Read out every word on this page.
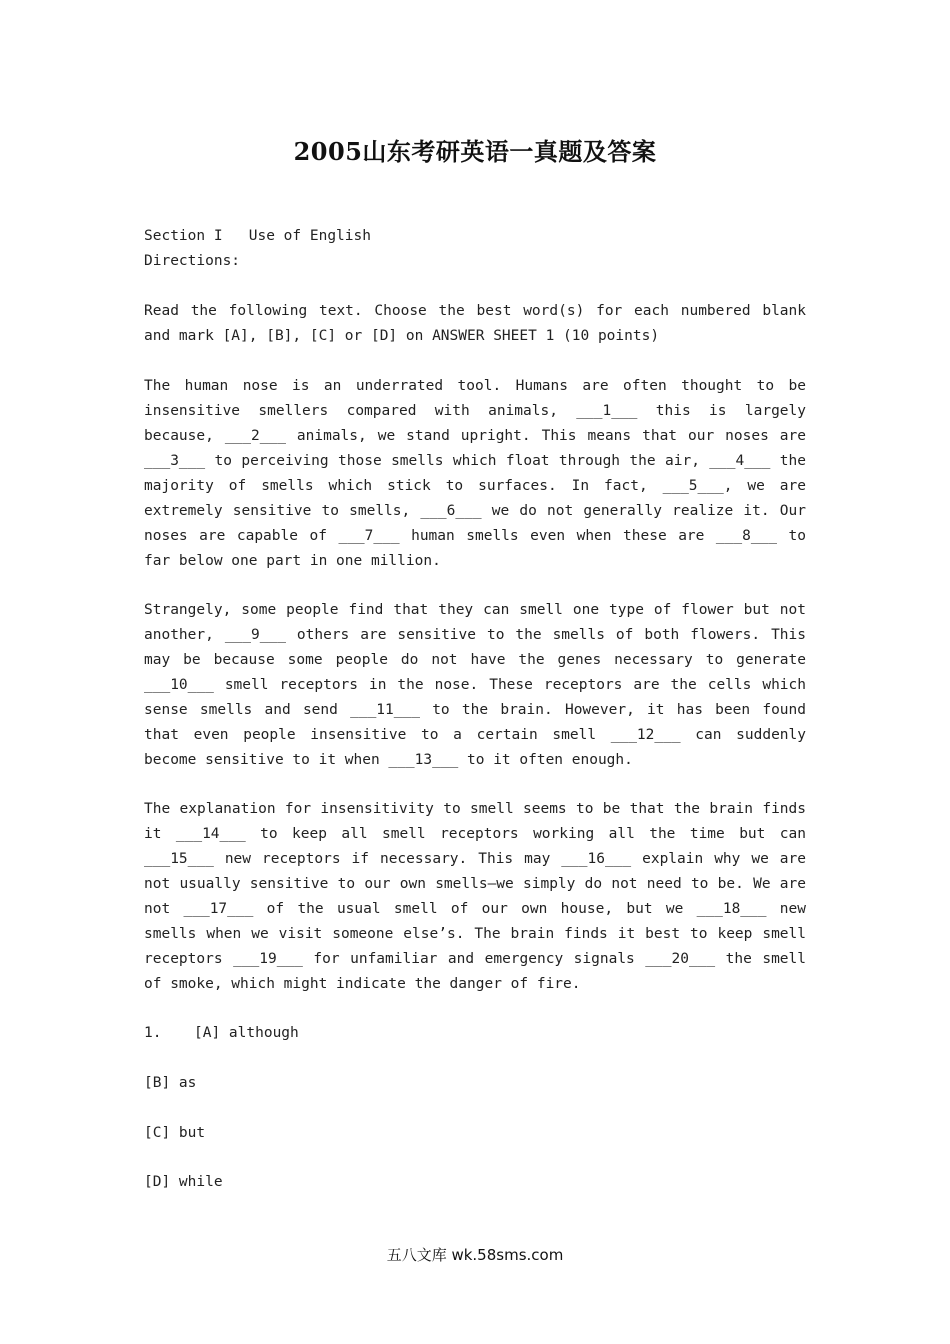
2005山东考研英语一真题及答案
Section I   Use of English
Directions:
Read the following text. Choose the best word(s) for each numbered blank and mark [A], [B], [C] or [D] on ANSWER SHEET 1 (10 points)
The human nose is an underrated tool. Humans are often thought to be insensitive smellers compared with animals, ___1___ this is largely because, ___2___ animals, we stand upright. This means that our noses are ___3___ to perceiving those smells which float through the air, ___4___ the majority of smells which stick to surfaces. In fact, ___5___, we are extremely sensitive to smells, ___6___ we do not generally realize it. Our noses are capable of ___7___ human smells even when these are ___8___ to far below one part in one million.
Strangely, some people find that they can smell one type of flower but not another, ___9___ others are sensitive to the smells of both flowers. This may be because some people do not have the genes necessary to generate ___10___ smell receptors in the nose. These receptors are the cells which sense smells and send ___11___ to the brain. However, it has been found that even people insensitive to a certain smell ___12___ can suddenly become sensitive to it when ___13___ to it often enough.
The explanation for insensitivity to smell seems to be that the brain finds it ___14___ to keep all smell receptors working all the time but can ___15___ new receptors if necessary. This may ___16___ explain why we are not usually sensitive to our own smells—we simply do not need to be. We are not ___17___ of the usual smell of our own house, but we ___18___ new smells when we visit someone else’s. The brain finds it best to keep smell receptors ___19___ for unfamiliar and emergency signals ___20___ the smell of smoke, which might indicate the danger of fire.
1.	[A] although
[B] as
[C] but
[D] while
五八文库 wk.58sms.com
